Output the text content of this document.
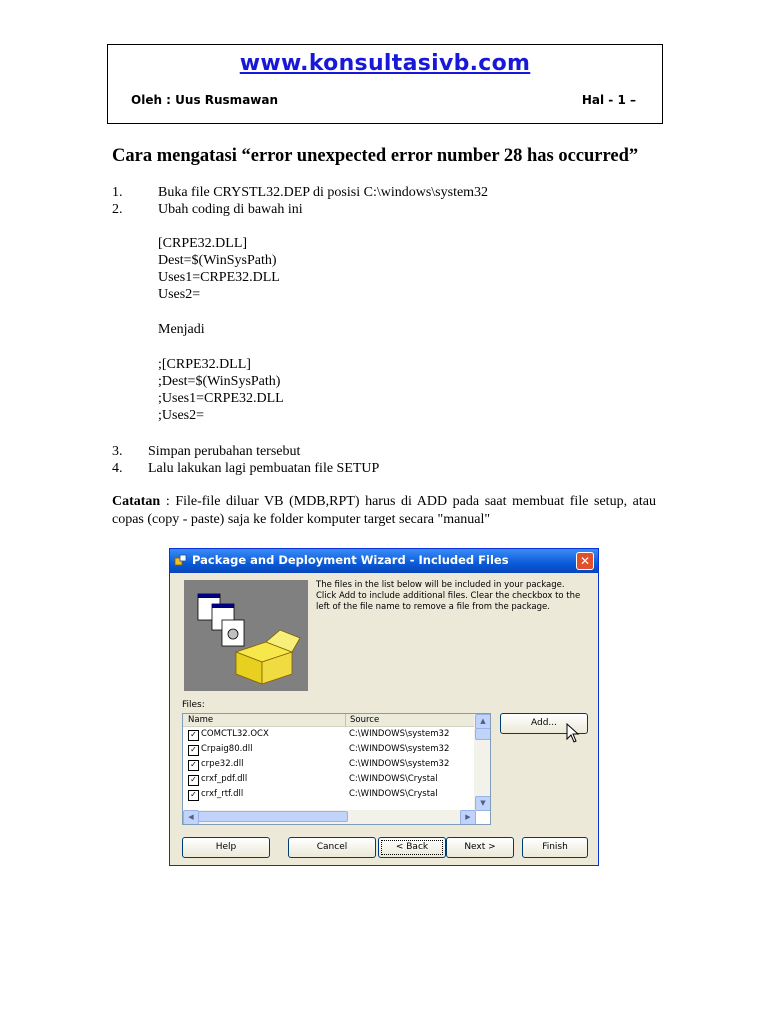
www.konsultasivb.com
Oleh : Uus Rusmawan	Hal - 1 –
Cara mengatasi “error unexpected error number 28 has occurred”
1.	Buka file CRYSTL32.DEP di posisi C:\windows\system32
2.	Ubah coding di bawah ini
[CRPE32.DLL]
Dest=$(WinSysPath)
Uses1=CRPE32.DLL
Uses2=
Menjadi
;[CRPE32.DLL]
;Dest=$(WinSysPath)
;Uses1=CRPE32.DLL
;Uses2=
3. Simpan perubahan tersebut
4. Lalu lakukan lagi pembuatan file SETUP
Catatan : File-file diluar VB (MDB,RPT) harus di ADD pada saat membuat file setup, atau copas (copy - paste) saja ke folder komputer target secara "manual"
Package and Deployment Wizard - Included Files	✕
The files in the list below will be included in your package. Click Add to include additional files. Clear the checkbox to the left of the file name to remove a file from the package.
Files:
Name	Source
✓ COMCTL32.OCX	C:\WINDOWS\system32
✓ Crpaig80.dll	C:\WINDOWS\system32
✓ crpe32.dll	C:\WINDOWS\system32
✓ crxf_pdf.dll	C:\WINDOWS\Crystal
✓ crxf_rtf.dll	C:\WINDOWS\Crystal
▲
▼
◀	▶
Add...
Help	Cancel	< Back	Next >	Finish
